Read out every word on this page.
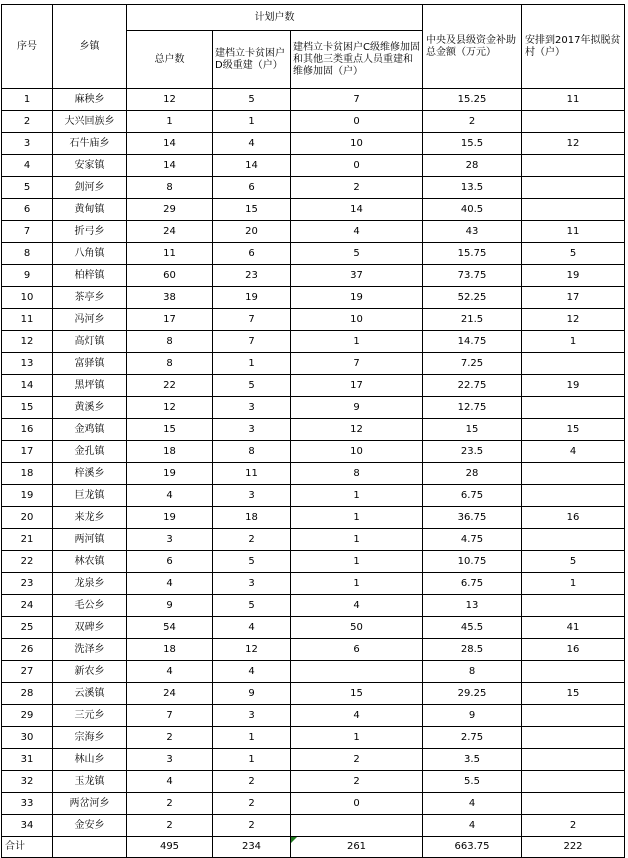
序号	乡镇	计划户数			中央及县级资金补助总金额（万元）	安排到2017年拟脱贫村（户）
		总户数	建档立卡贫困户D级重建（户）	建档立卡贫困户C级维修加固和其他三类重点人员重建和维修加固（户）		
1	麻秧乡	12	5	7	15.25	11
2	大兴回族乡	1	1	0	2	
3	石牛庙乡	14	4	10	15.5	12
4	安家镇	14	14	0	28	
5	剑河乡	8	6	2	13.5	
6	黄甸镇	29	15	14	40.5	
7	折弓乡	24	20	4	43	11
8	八角镇	11	6	5	15.75	5
9	柏梓镇	60	23	37	73.75	19
10	茶亭乡	38	19	19	52.25	17
11	冯河乡	17	7	10	21.5	12
12	高灯镇	8	7	1	14.75	1
13	富驿镇	8	1	7	7.25	
14	黑坪镇	22	5	17	22.75	19
15	黄溪乡	12	3	9	12.75	
16	金鸡镇	15	3	12	15	15
17	金孔镇	18	8	10	23.5	4
18	梓溪乡	19	11	8	28	
19	巨龙镇	4	3	1	6.75	
20	来龙乡	19	18	1	36.75	16
21	两河镇	3	2	1	4.75	
22	林农镇	6	5	1	10.75	5
23	龙泉乡	4	3	1	6.75	1
24	毛公乡	9	5	4	13	
25	双碑乡	54	4	50	45.5	41
26	洗泽乡	18	12	6	28.5	16
27	新农乡	4	4		8	
28	云溪镇	24	9	15	29.25	15
29	三元乡	7	3	4	9	
30	宗海乡	2	1	1	2.75	
31	林山乡	3	1	2	3.5	
32	玉龙镇	4	2	2	5.5	
33	两岔河乡	2	2	0	4	
34	金安乡	2	2		4	2
合计		495	234	261	663.75	222
